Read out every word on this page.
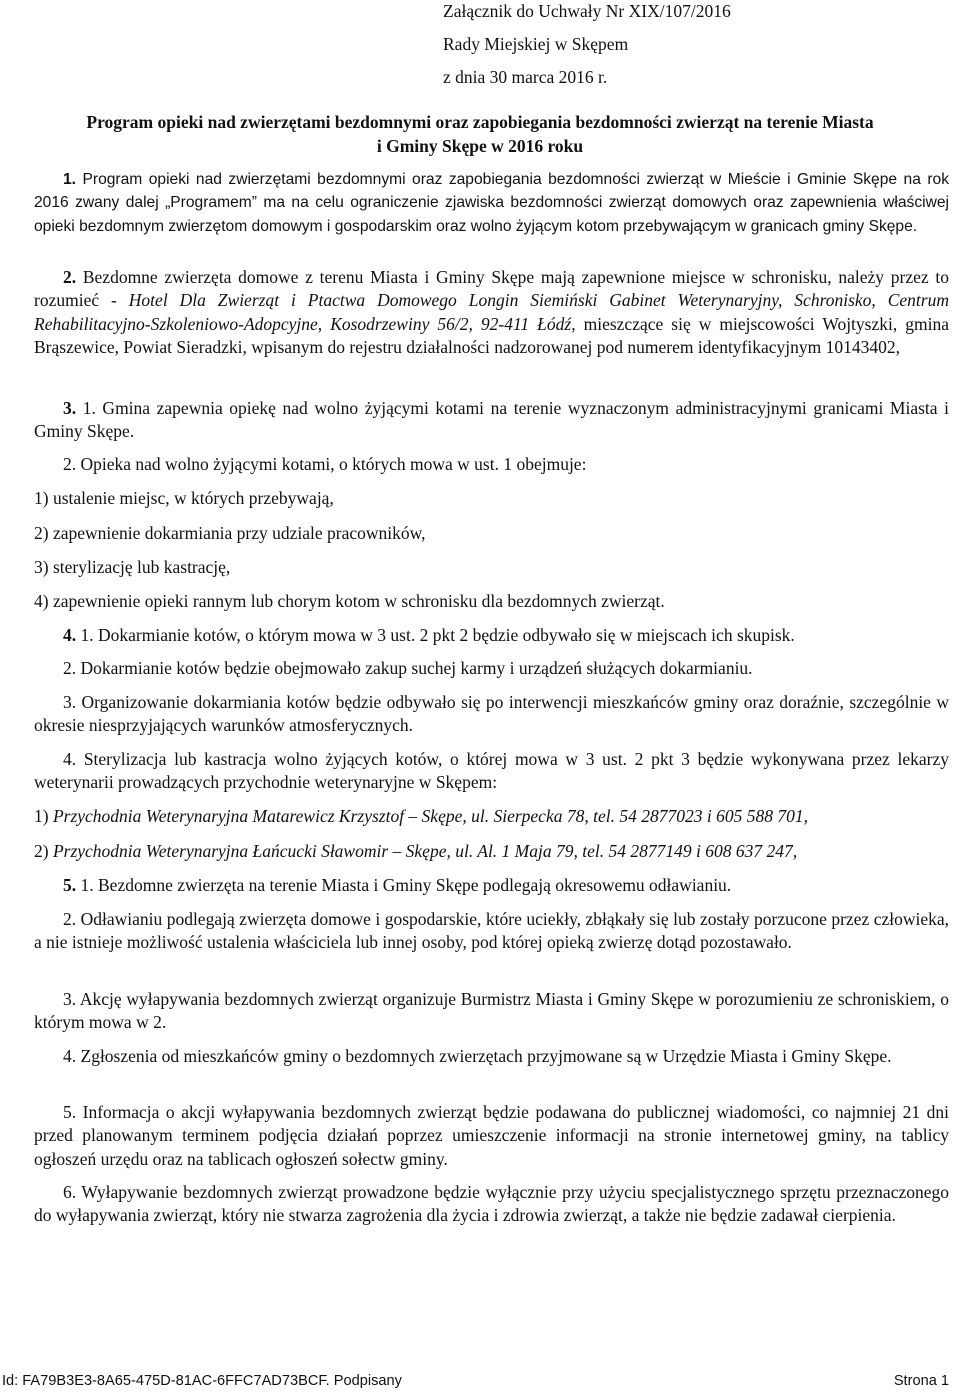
Załącznik do Uchwały Nr XIX/107/2016
Rady Miejskiej w Skępem
z dnia 30 marca 2016 r.
Program opieki nad zwierzętami bezdomnymi oraz zapobiegania bezdomności zwierząt na terenie Miasta
i Gminy Skępe w 2016 roku
1. Program opieki nad zwierzętami bezdomnymi oraz zapobiegania bezdomności zwierząt w Mieście i Gminie Skępe na rok 2016 zwany dalej „Programem” ma na celu ograniczenie zjawiska bezdomności zwierząt domowych oraz zapewnienia właściwej opieki bezdomnym zwierzętom domowym i gospodarskim oraz wolno żyjącym kotom przebywającym w granicach gminy Skępe.
2. Bezdomne zwierzęta domowe z terenu Miasta i Gminy Skępe mają zapewnione miejsce w schronisku, należy przez to rozumieć - Hotel Dla Zwierząt i Ptactwa Domowego Longin Siemiński Gabinet Weterynaryjny, Schronisko, Centrum Rehabilitacyjno-Szkoleniowo-Adopcyjne, Kosodrzewiny 56/2, 92-411 Łódź, mieszczące się w miejscowości Wojtyszki, gmina Brąszewice, Powiat Sieradzki, wpisanym do rejestru działalności nadzorowanej pod numerem identyfikacyjnym 10143402,
3. 1. Gmina zapewnia opiekę nad wolno żyjącymi kotami na terenie wyznaczonym administracyjnymi granicami Miasta i Gminy Skępe.
2. Opieka nad wolno żyjącymi kotami, o których mowa w ust. 1 obejmuje:
1) ustalenie miejsc, w których przebywają,
2) zapewnienie dokarmiania przy udziale pracowników,
3) sterylizację lub kastrację,
4) zapewnienie opieki rannym lub chorym kotom w schronisku dla bezdomnych zwierząt.
4. 1. Dokarmianie kotów, o którym mowa w 3 ust. 2 pkt 2 będzie odbywało się w miejscach ich skupisk.
2. Dokarmianie kotów będzie obejmowało zakup suchej karmy i urządzeń służących dokarmianiu.
3. Organizowanie dokarmiania kotów będzie odbywało się po interwencji mieszkańców gminy oraz doraźnie, szczególnie w okresie niesprzyjających warunków atmosferycznych.
4. Sterylizacja lub kastracja wolno żyjących kotów, o której mowa w 3 ust. 2 pkt 3 będzie wykonywana przez lekarzy weterynarii prowadzących przychodnie weterynaryjne w Skępem:
1) Przychodnia Weterynaryjna Matarewicz Krzysztof – Skępe, ul. Sierpecka 78, tel. 54 2877023 i 605 588 701,
2) Przychodnia Weterynaryjna Łańcucki Sławomir – Skępe, ul. Al. 1 Maja 79, tel. 54 2877149 i 608 637 247,
5. 1. Bezdomne zwierzęta na terenie Miasta i Gminy Skępe podlegają okresowemu odławianiu.
2. Odławianiu podlegają zwierzęta domowe i gospodarskie, które uciekły, zbłąkały się lub zostały porzucone przez człowieka, a nie istnieje możliwość ustalenia właściciela lub innej osoby, pod której opieką zwierzę dotąd pozostawało.
3. Akcję wyłapywania bezdomnych zwierząt organizuje Burmistrz Miasta i Gminy Skępe w porozumieniu ze schroniskiem, o którym mowa w 2.
4. Zgłoszenia od mieszkańców gminy o bezdomnych zwierzętach przyjmowane są w Urzędzie Miasta i Gminy Skępe.
5. Informacja o akcji wyłapywania bezdomnych zwierząt będzie podawana do publicznej wiadomości, co najmniej 21 dni przed planowanym terminem podjęcia działań poprzez umieszczenie informacji na stronie internetowej gminy, na tablicy ogłoszeń urzędu oraz na tablicach ogłoszeń sołectw gminy.
6. Wyłapywanie bezdomnych zwierząt prowadzone będzie wyłącznie przy użyciu specjalistycznego sprzętu przeznaczonego do wyłapywania zwierząt, który nie stwarza zagrożenia dla życia i zdrowia zwierząt, a także nie będzie zadawał cierpienia.
Id: FA79B3E3-8A65-475D-81AC-6FFC7AD73BCF. Podpisany	Strona 1
